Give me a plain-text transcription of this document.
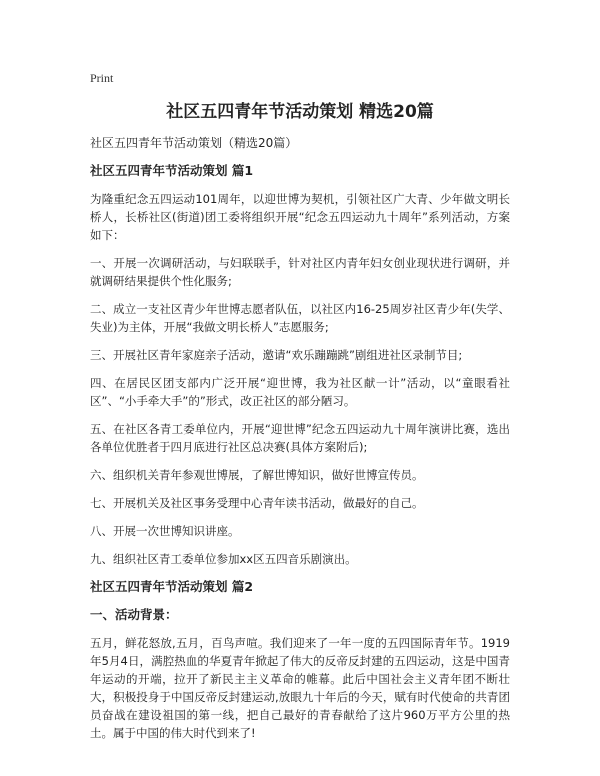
Print
社区五四青年节活动策划 精选20篇
社区五四青年节活动策划（精选20篇）
社区五四青年节活动策划 篇1
为隆重纪念五四运动101周年，以迎世博为契机，引领社区广大青、少年做文明长桥人，长桥社区(街道)团工委将组织开展“纪念五四运动九十周年”系列活动，方案如下：
一、开展一次调研活动，与妇联联手，针对社区内青年妇女创业现状进行调研，并就调研结果提供个性化服务;
二、成立一支社区青少年世博志愿者队伍，以社区内16-25周岁社区青少年(失学、失业)为主体，开展“我做文明长桥人”志愿服务;
三、开展社区青年家庭亲子活动，邀请“欢乐蹦蹦跳”剧组进社区录制节目;
四、在居民区团支部内广泛开展“迎世博，我为社区献一计”活动，以“童眼看社区”、“小手牵大手”的”形式，改正社区的部分陋习。
五、在社区各青工委单位内，开展“迎世博”纪念五四运动九十周年演讲比赛，选出各单位优胜者于四月底进行社区总决赛(具体方案附后);
六、组织机关青年参观世博展，了解世博知识，做好世博宣传员。
七、开展机关及社区事务受理中心青年读书活动，做最好的自己。
八、开展一次世博知识讲座。
九、组织社区青工委单位参加xx区五四音乐剧演出。
社区五四青年节活动策划 篇2
一、活动背景：
五月，鲜花怒放,五月，百鸟声喧。我们迎来了一年一度的五四国际青年节。1919年5月4日，满腔热血的华夏青年掀起了伟大的反帝反封建的五四运动，这是中国青年运动的开端，拉开了新民主主义革命的帷幕。此后中国社会主义青年团不断壮大，积极投身于中国反帝反封建运动,放眼九十年后的今天，赋有时代使命的共青团员奋战在建设祖国的第一线，把自己最好的青春献给了这片960万平方公里的热土。属于中国的伟大时代到来了!
